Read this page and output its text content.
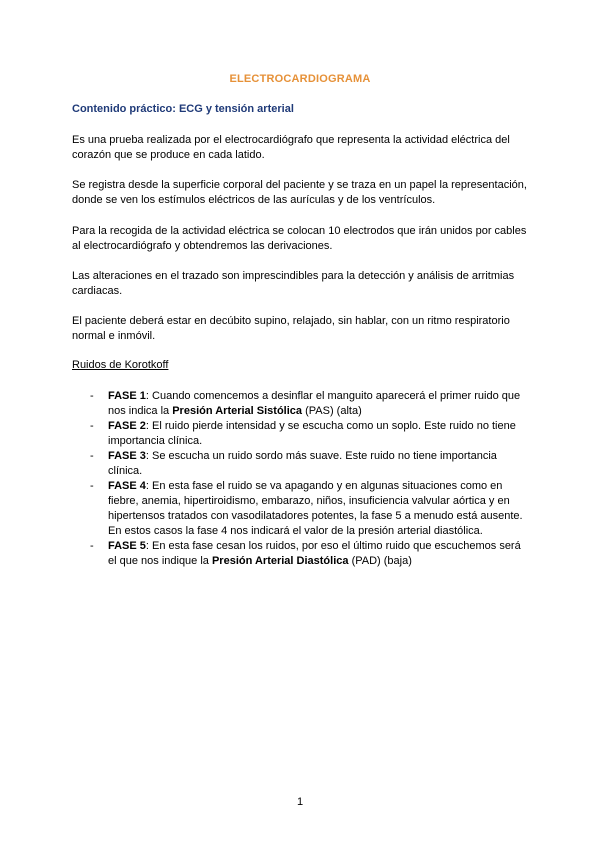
ELECTROCARDIOGRAMA
Contenido práctico: ECG y tensión arterial
Es una prueba realizada por el electrocardiógrafo que representa la actividad eléctrica del corazón que se produce en cada latido.
Se registra desde la superficie corporal del paciente y se traza en un papel la representación, donde se ven los estímulos eléctricos de las aurículas y de los ventrículos.
Para la recogida de la actividad eléctrica se colocan 10 electrodos que irán unidos por cables al electrocardiógrafo y obtendremos las derivaciones.
Las alteraciones en el trazado son imprescindibles para la detección y análisis de arritmias cardiacas.
El paciente deberá estar en decúbito supino, relajado, sin hablar, con un ritmo respiratorio normal e inmóvil.
Ruidos de Korotkoff
- FASE 1: Cuando comencemos a desinflar el manguito aparecerá el primer ruido que nos indica la Presión Arterial Sistólica (PAS) (alta)
- FASE 2: El ruido pierde intensidad y se escucha como un soplo. Este ruido no tiene importancia clínica.
- FASE 3: Se escucha un ruido sordo más suave. Este ruido no tiene importancia clínica.
- FASE 4: En esta fase el ruido se va apagando y en algunas situaciones como en fiebre, anemia, hipertiroidismo, embarazo, niños, insuficiencia valvular aórtica y en hipertensos tratados con vasodilatadores potentes, la fase 5 a menudo está ausente. En estos casos la fase 4 nos indicará el valor de la presión arterial diastólica.
- FASE 5: En esta fase cesan los ruidos, por eso el último ruido que escuchemos será el que nos indique la Presión Arterial Diastólica (PAD) (baja)
1
